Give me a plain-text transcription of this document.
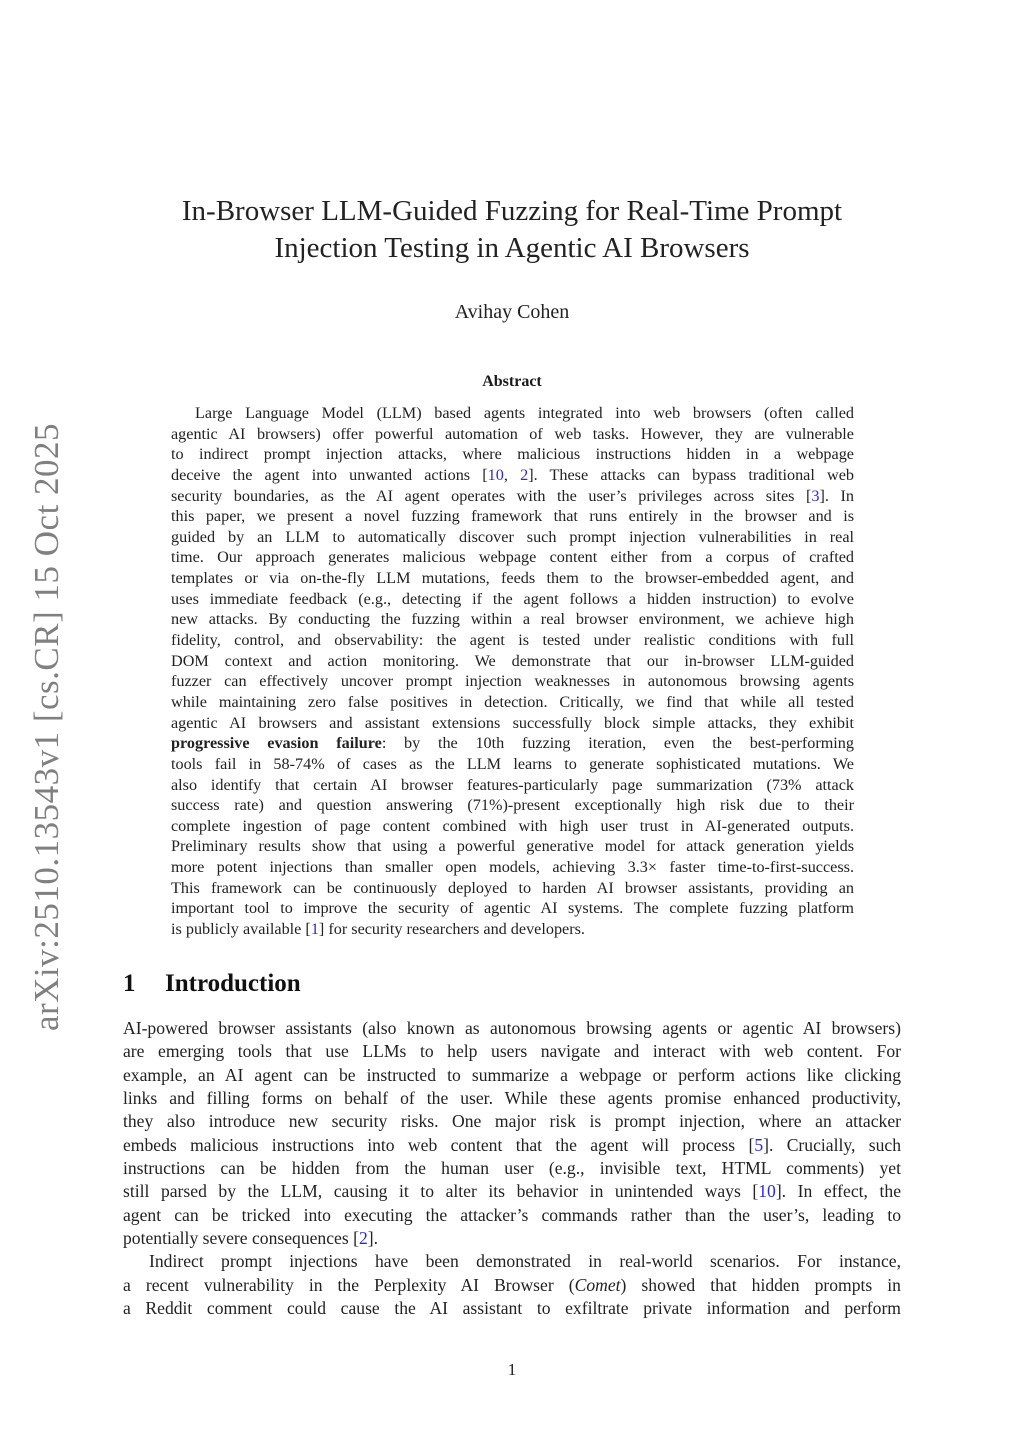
arXiv:2510.13543v1 [cs.CR] 15 Oct 2025
In-Browser LLM-Guided Fuzzing for Real-Time Prompt
Injection Testing in Agentic AI Browsers
Avihay Cohen
Abstract
Large Language Model (LLM) based agents integrated into web browsers (often called
agentic AI browsers) offer powerful automation of web tasks. However, they are vulnerable
to indirect prompt injection attacks, where malicious instructions hidden in a webpage
deceive the agent into unwanted actions [10, 2]. These attacks can bypass traditional web
security boundaries, as the AI agent operates with the user’s privileges across sites [3]. In
this paper, we present a novel fuzzing framework that runs entirely in the browser and is
guided by an LLM to automatically discover such prompt injection vulnerabilities in real
time. Our approach generates malicious webpage content either from a corpus of crafted
templates or via on-the-fly LLM mutations, feeds them to the browser-embedded agent, and
uses immediate feedback (e.g., detecting if the agent follows a hidden instruction) to evolve
new attacks. By conducting the fuzzing within a real browser environment, we achieve high
fidelity, control, and observability: the agent is tested under realistic conditions with full
DOM context and action monitoring. We demonstrate that our in-browser LLM-guided
fuzzer can effectively uncover prompt injection weaknesses in autonomous browsing agents
while maintaining zero false positives in detection. Critically, we find that while all tested
agentic AI browsers and assistant extensions successfully block simple attacks, they exhibit
progressive evasion failure: by the 10th fuzzing iteration, even the best-performing
tools fail in 58-74% of cases as the LLM learns to generate sophisticated mutations. We
also identify that certain AI browser features-particularly page summarization (73% attack
success rate) and question answering (71%)-present exceptionally high risk due to their
complete ingestion of page content combined with high user trust in AI-generated outputs.
Preliminary results show that using a powerful generative model for attack generation yields
more potent injections than smaller open models, achieving 3.3× faster time-to-first-success.
This framework can be continuously deployed to harden AI browser assistants, providing an
important tool to improve the security of agentic AI systems. The complete fuzzing platform
is publicly available [1] for security researchers and developers.
1 Introduction
AI-powered browser assistants (also known as autonomous browsing agents or agentic AI browsers)
are emerging tools that use LLMs to help users navigate and interact with web content. For
example, an AI agent can be instructed to summarize a webpage or perform actions like clicking
links and filling forms on behalf of the user. While these agents promise enhanced productivity,
they also introduce new security risks. One major risk is prompt injection, where an attacker
embeds malicious instructions into web content that the agent will process [5]. Crucially, such
instructions can be hidden from the human user (e.g., invisible text, HTML comments) yet
still parsed by the LLM, causing it to alter its behavior in unintended ways [10]. In effect, the
agent can be tricked into executing the attacker’s commands rather than the user’s, leading to
potentially severe consequences [2].
Indirect prompt injections have been demonstrated in real-world scenarios. For instance,
a recent vulnerability in the Perplexity AI Browser (Comet) showed that hidden prompts in
a Reddit comment could cause the AI assistant to exfiltrate private information and perform
1
